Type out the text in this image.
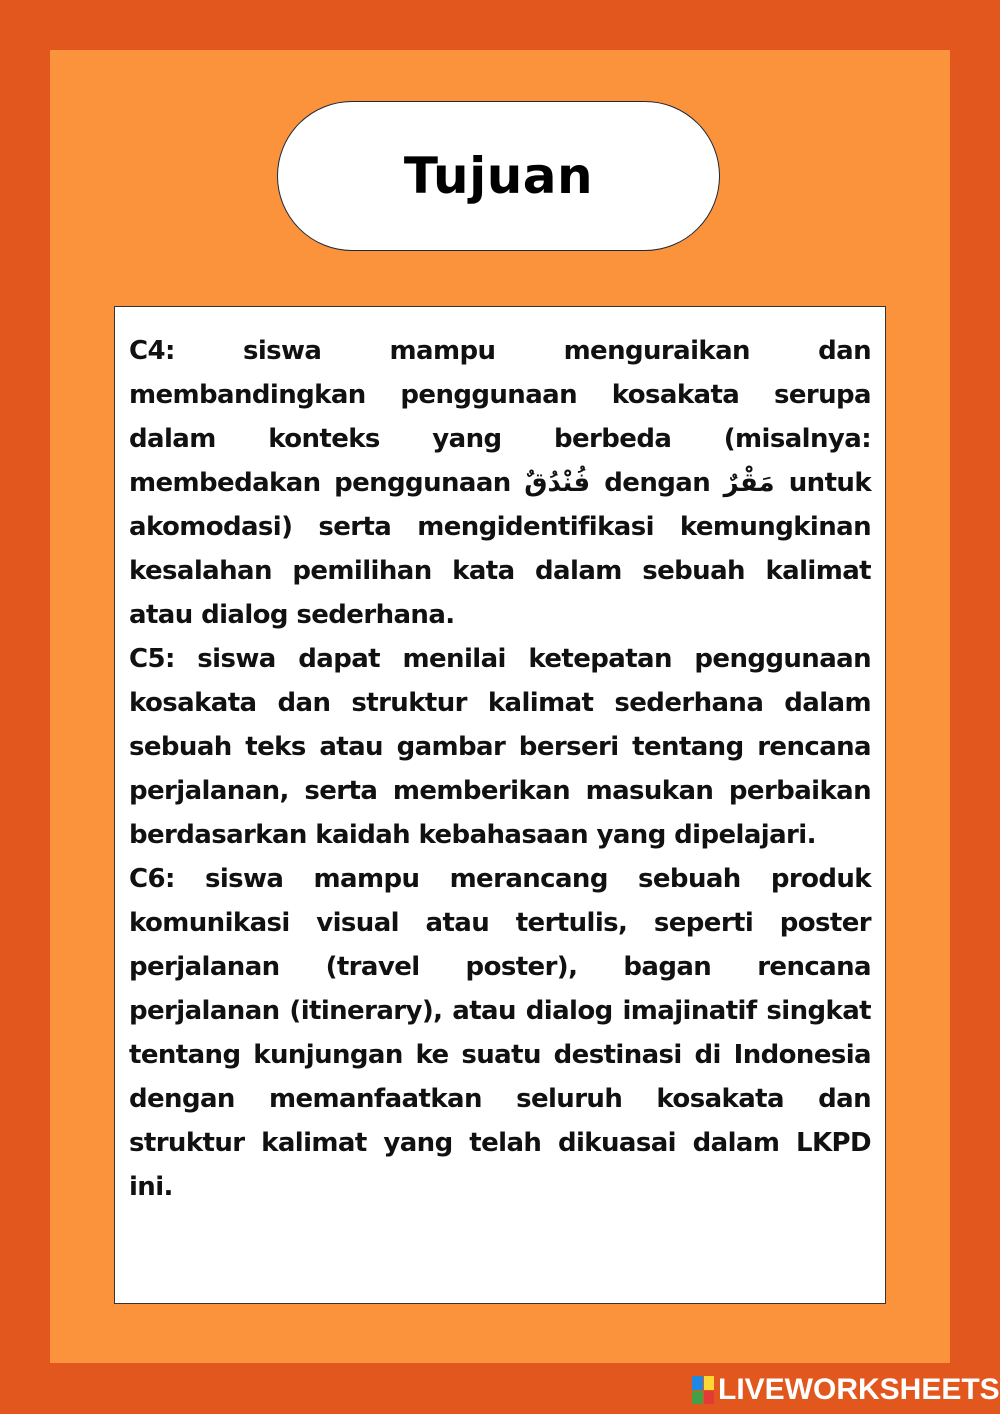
Tujuan

C4: siswa mampu menguraikan dan membandingkan penggunaan kosakata serupa dalam konteks yang berbeda (misalnya: membedakan penggunaan فُنْدُقٌ dengan مَقْرٌ untuk akomodasi) serta mengidentifikasi kemungkinan kesalahan pemilihan kata dalam sebuah kalimat atau dialog sederhana.

C5: siswa dapat menilai ketepatan penggunaan kosakata dan struktur kalimat sederhana dalam sebuah teks atau gambar berseri tentang rencana perjalanan, serta memberikan masukan perbaikan berdasarkan kaidah kebahasaan yang dipelajari.

C6: siswa mampu merancang sebuah produk komunikasi visual atau tertulis, seperti poster perjalanan (travel poster), bagan rencana perjalanan (itinerary), atau dialog imajinatif singkat tentang kunjungan ke suatu destinasi di Indonesia dengan memanfaatkan seluruh kosakata dan struktur kalimat yang telah dikuasai dalam LKPD ini.

LIVEWORKSHEETS
